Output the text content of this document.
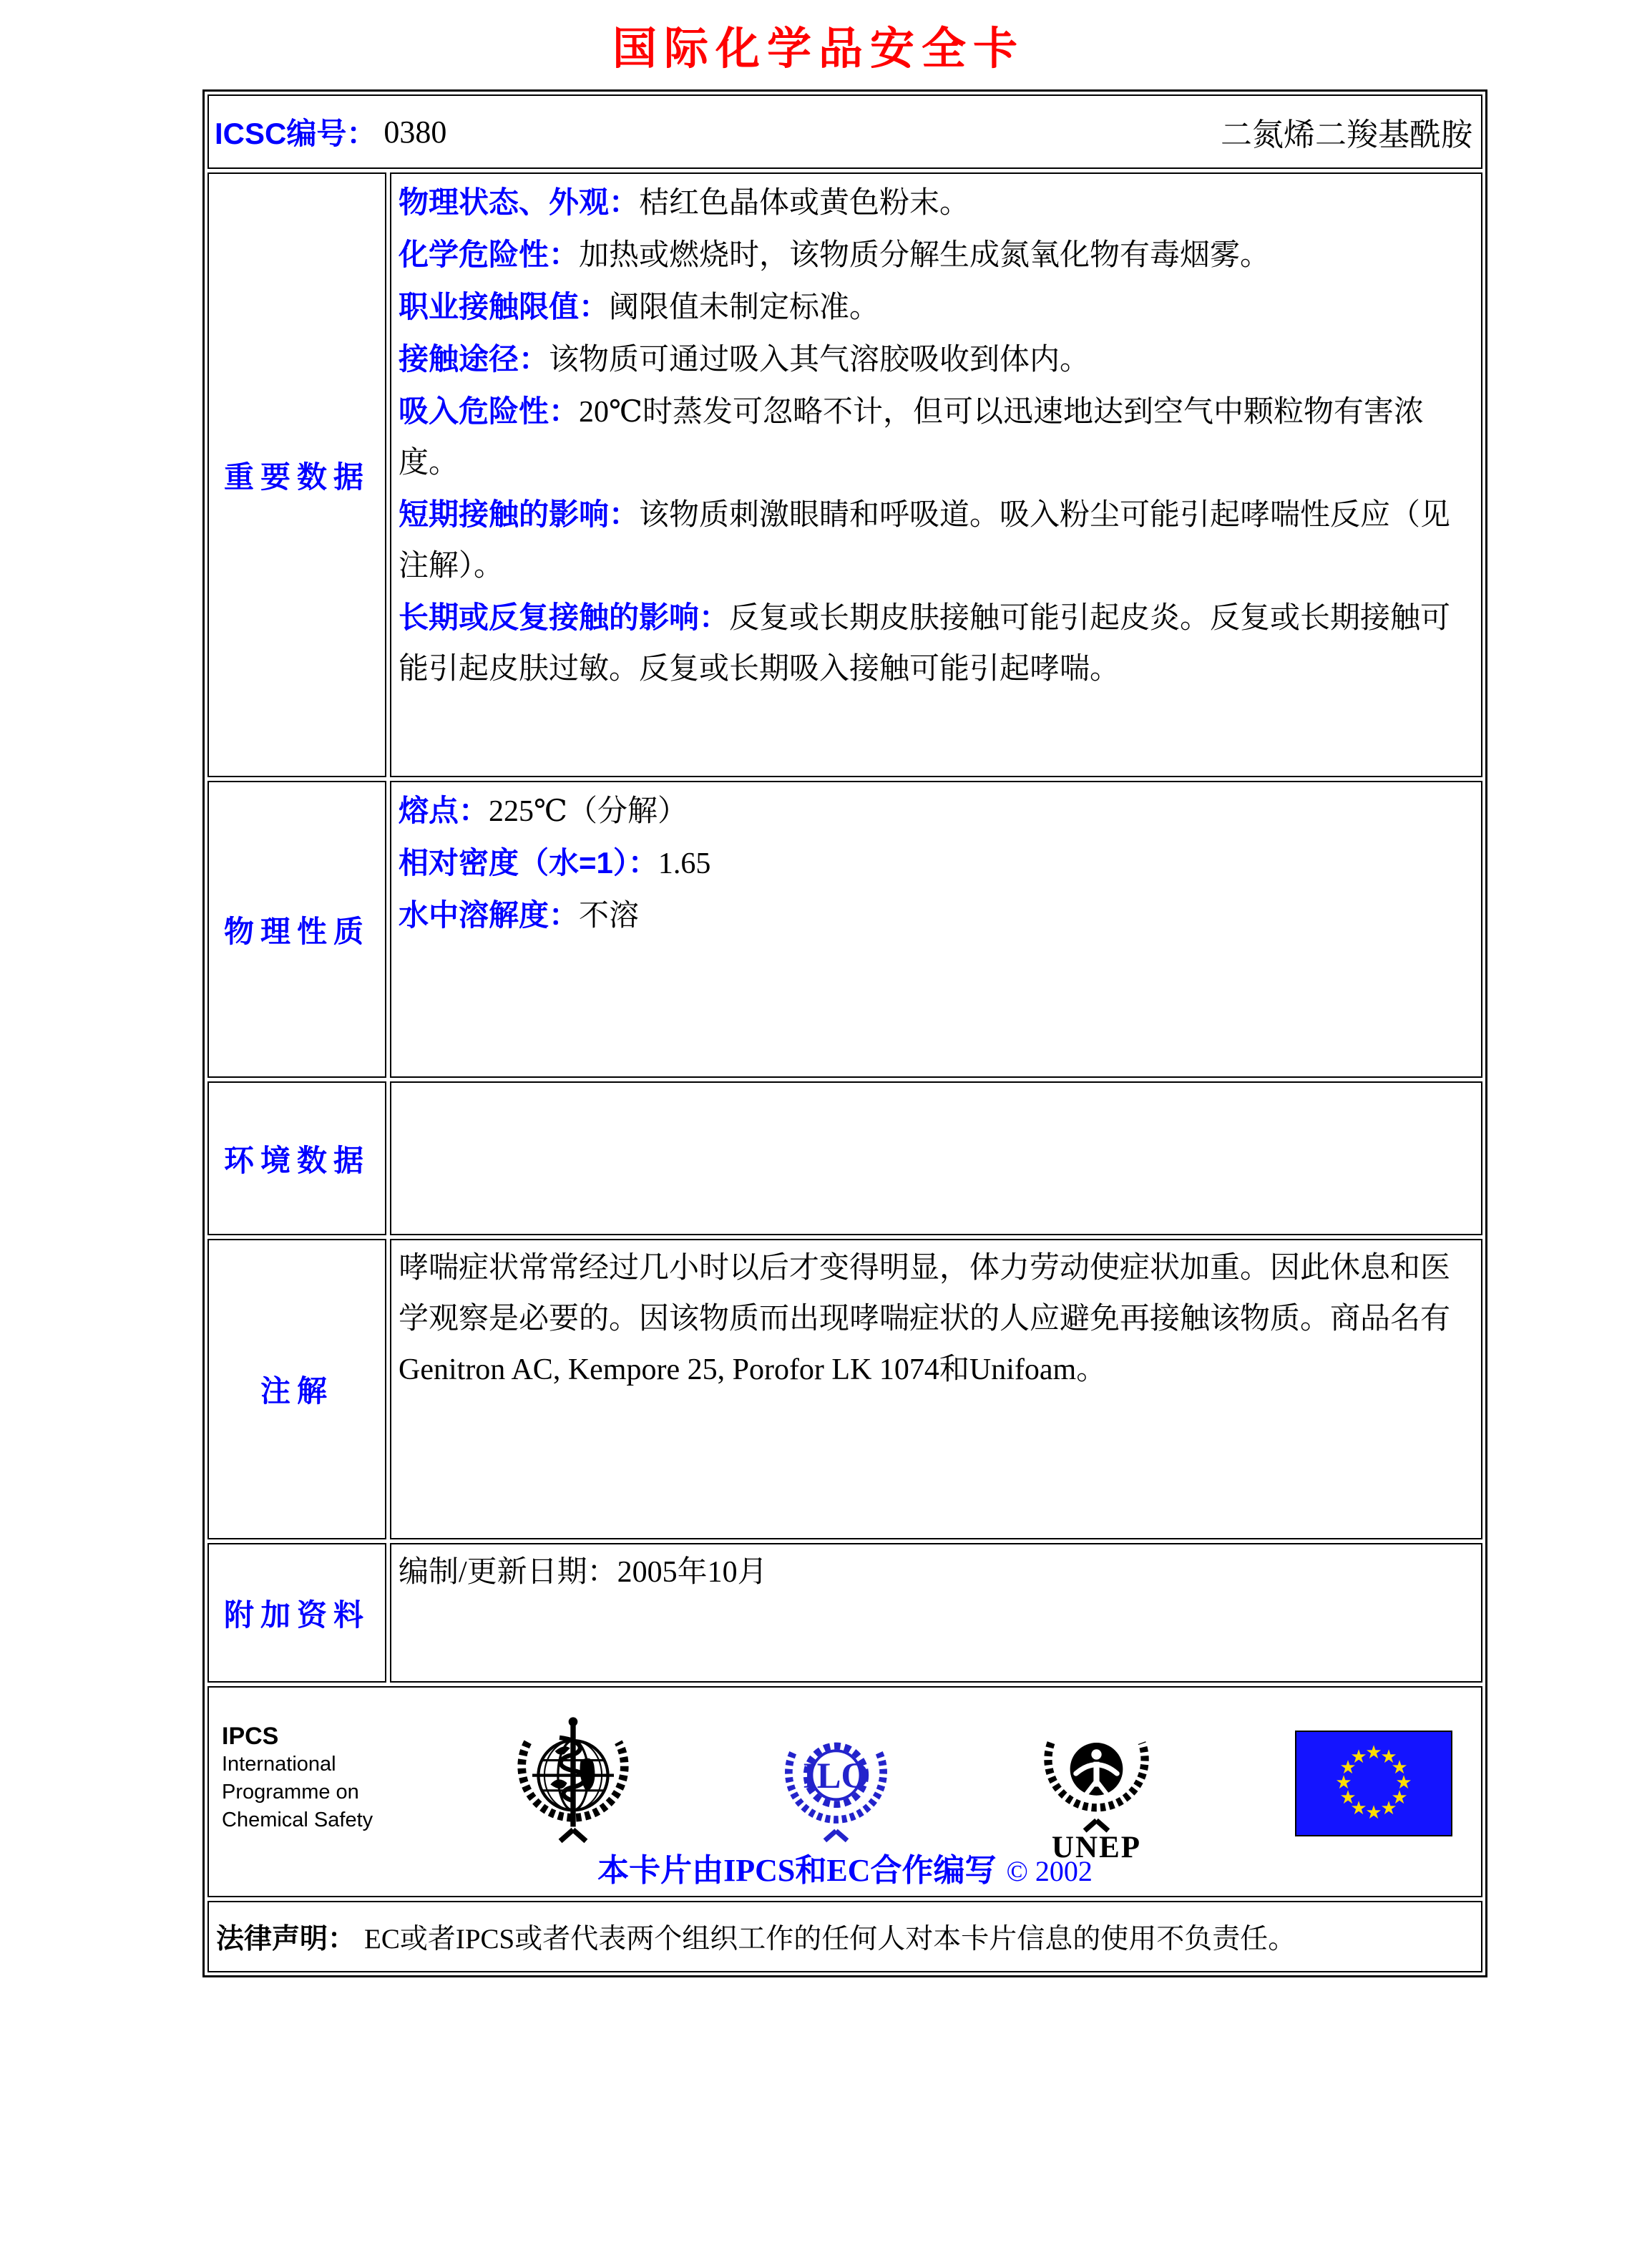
国际化学品安全卡
ICSC编号： 0380	二氮烯二羧基酰胺
重要数据

物理状态、外观：桔红色晶体或黄色粉末。

化学危险性：加热或燃烧时，该物质分解生成氮氧化物有毒烟雾。

职业接触限值：阈限值未制定标准。

接触途径：该物质可通过吸入其气溶胶吸收到体内。

吸入危险性：20℃时蒸发可忽略不计，但可以迅速地达到空气中颗粒物有害浓度。

短期接触的影响：该物质刺激眼睛和呼吸道。吸入粉尘可能引起哮喘性反应（见注解）。

长期或反复接触的影响：反复或长期皮肤接触可能引起皮炎。反复或长期接触可能引起皮肤过敏。反复或长期吸入接触可能引起哮喘。

物理性质

熔点：225℃（分解）

相对密度（水=1）：1.65

水中溶解度：不溶

环境数据
注解

哮喘症状常常经过几小时以后才变得明显，体力劳动使症状加重。因此休息和医学观察是必要的。因该物质而出现哮喘症状的人应避免再接触该物质。商品名有Genitron AC, Kempore 25, Porofor LK 1074和Unifoam。

附加资料

编制/更新日期：2005年10月

IPCS
International
Programme on
Chemical Safety
ILO
UNEP
★
★
★
★
★
★
★
★
★
★
★
★
本卡片由IPCS和EC合作编写 © 2002
法律声明： EC或者IPCS或者代表两个组织工作的任何人对本卡片信息的使用不负责任。
